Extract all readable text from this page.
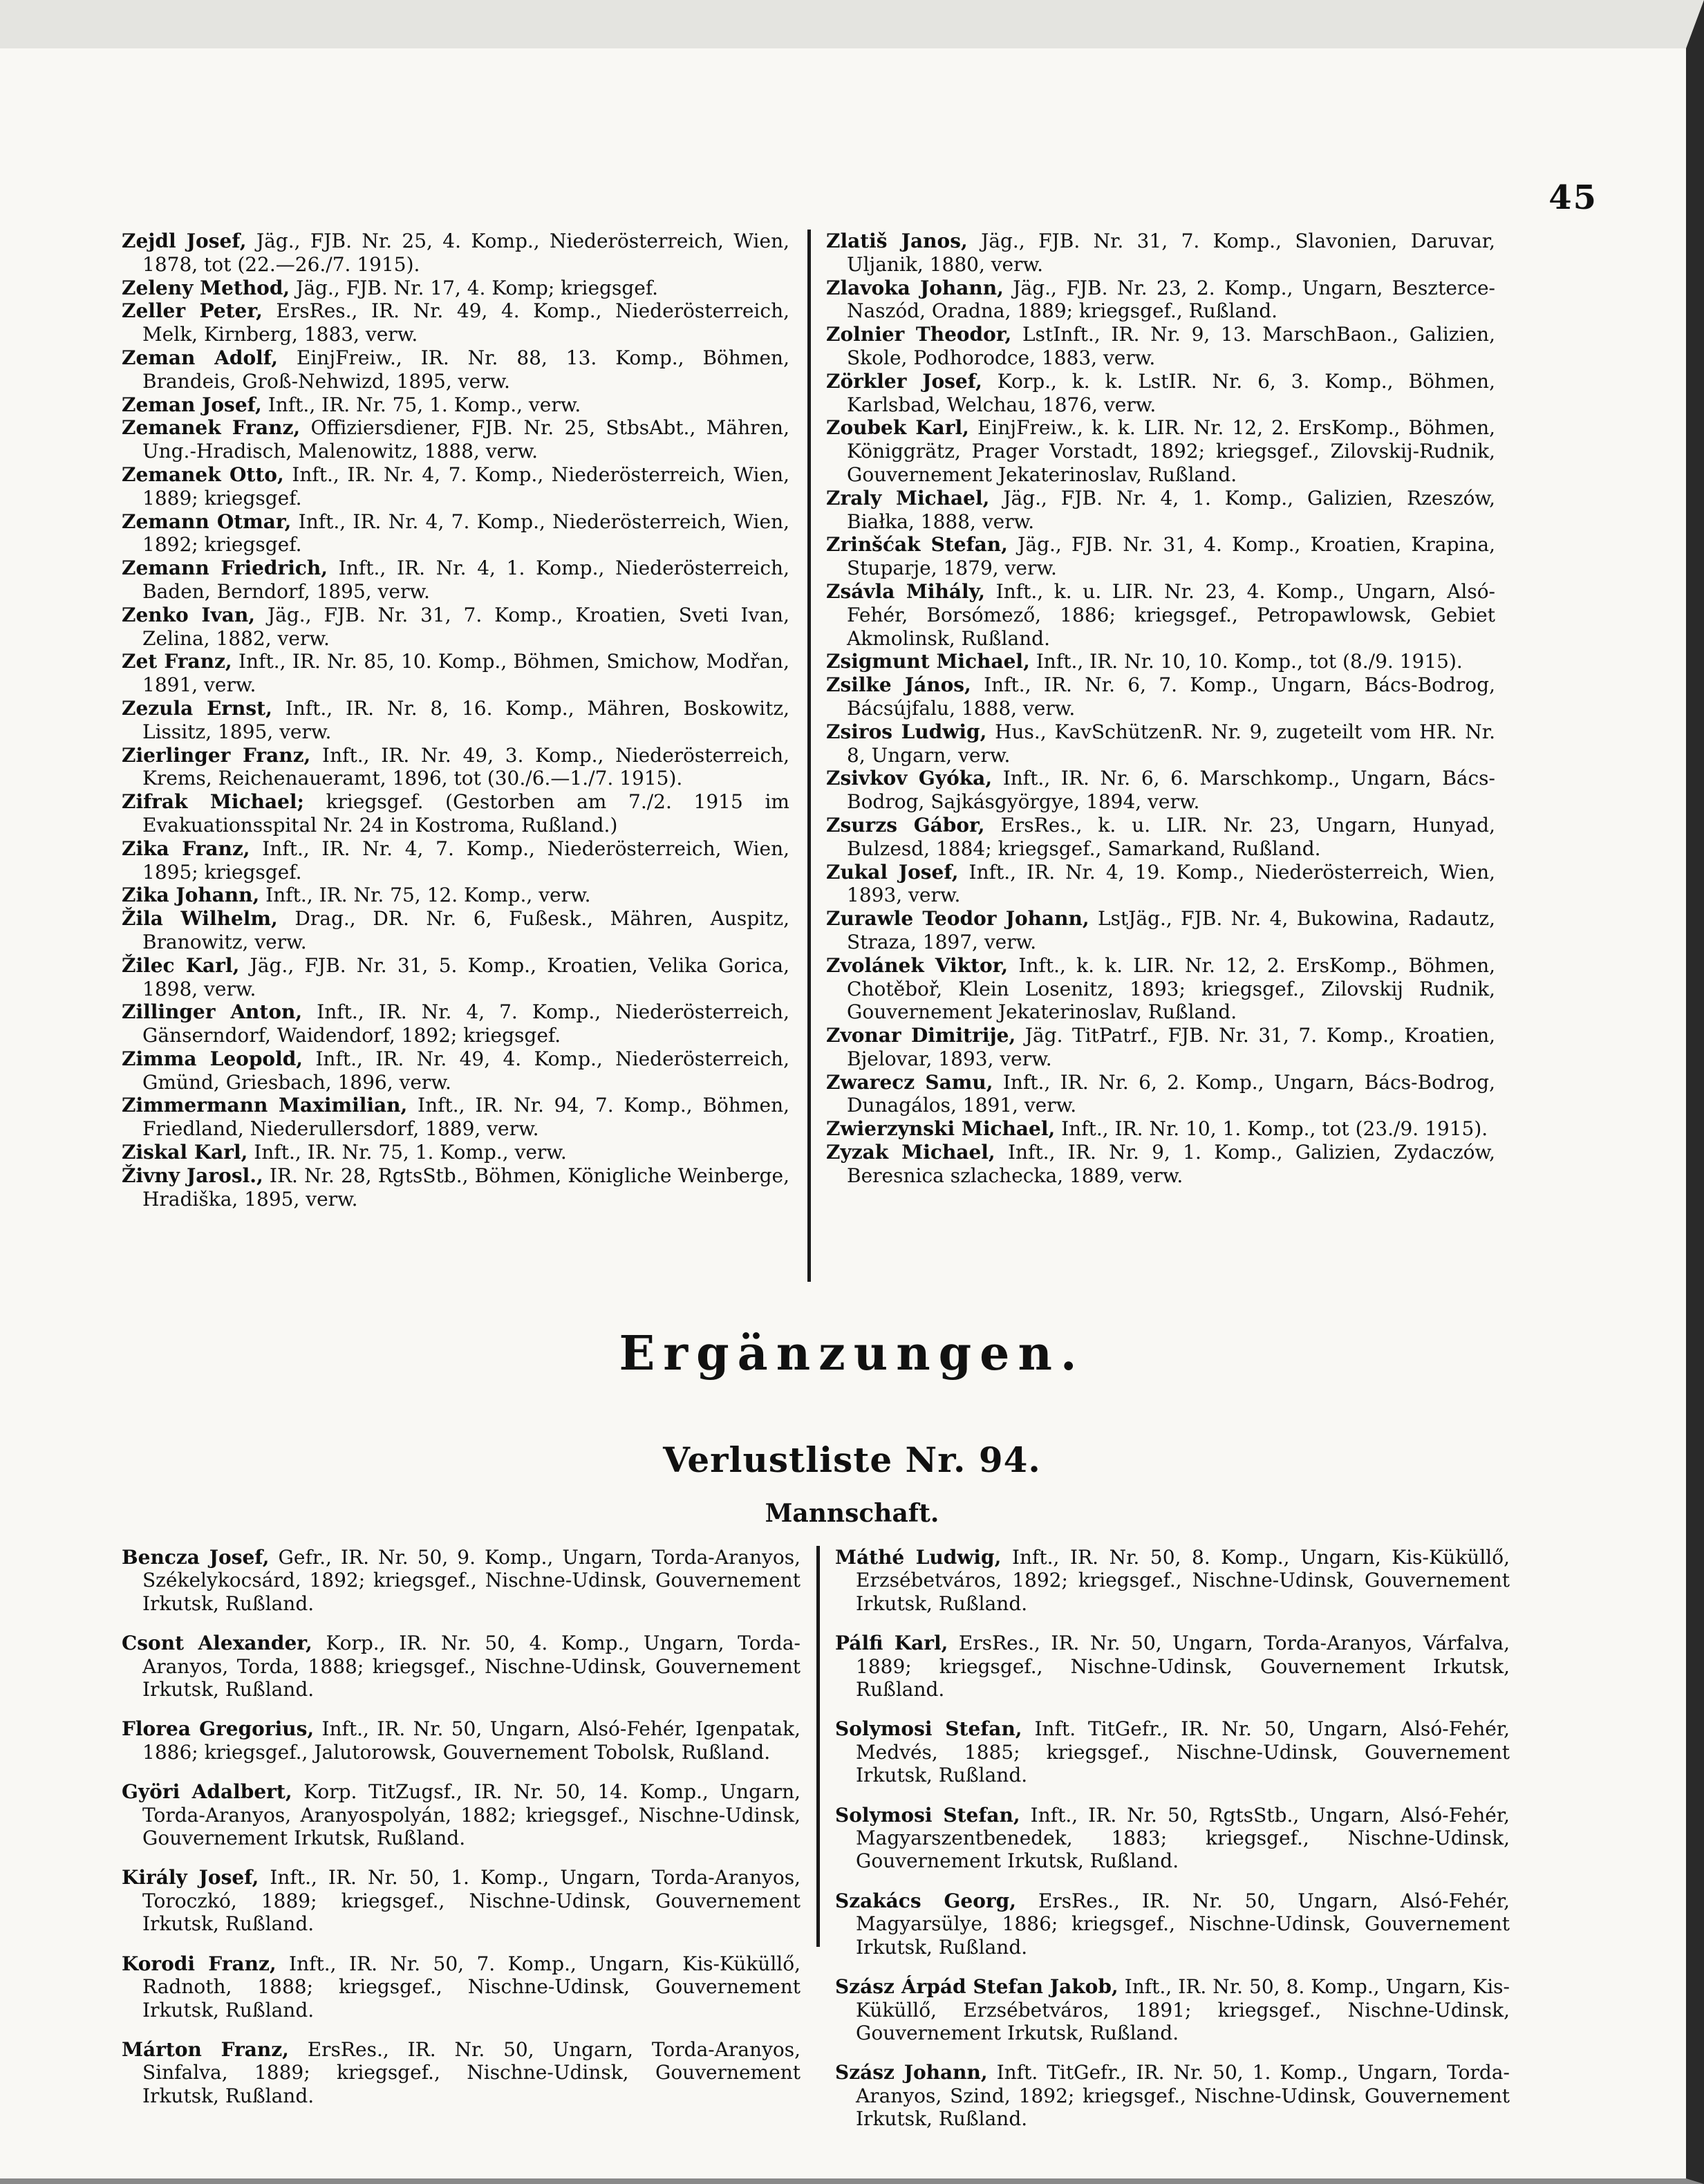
45

Zejdl Josef, Jäg., FJB. Nr. 25, 4. Komp., Niederösterreich, Wien, 1878, tot (22.—26./7. 1915).

Zeleny Method, Jäg., FJB. Nr. 17, 4. Komp; kriegsgef.

Zeller Peter, ErsRes., IR. Nr. 49, 4. Komp., Niederösterreich, Melk, Kirnberg, 1883, verw.

Zeman Adolf, EinjFreiw., IR. Nr. 88, 13. Komp., Böhmen, Brandeis, Groß-Nehwizd, 1895, verw.

Zeman Josef, Inft., IR. Nr. 75, 1. Komp., verw.

Zemanek Franz, Offiziersdiener, FJB. Nr. 25, StbsAbt., Mähren, Ung.-Hradisch, Malenowitz, 1888, verw.

Zemanek Otto, Inft., IR. Nr. 4, 7. Komp., Niederösterreich, Wien, 1889; kriegsgef.

Zemann Otmar, Inft., IR. Nr. 4, 7. Komp., Niederösterreich, Wien, 1892; kriegsgef.

Zemann Friedrich, Inft., IR. Nr. 4, 1. Komp., Niederösterreich, Baden, Berndorf, 1895, verw.

Zenko Ivan, Jäg., FJB. Nr. 31, 7. Komp., Kroatien, Sveti Ivan, Zelina, 1882, verw.

Zet Franz, Inft., IR. Nr. 85, 10. Komp., Böhmen, Smichow, Modřan, 1891, verw.

Zezula Ernst, Inft., IR. Nr. 8, 16. Komp., Mähren, Boskowitz, Lissitz, 1895, verw.

Zierlinger Franz, Inft., IR. Nr. 49, 3. Komp., Niederösterreich, Krems, Reichenaueramt, 1896, tot (30./6.—1./7. 1915).

Zifrak Michael; kriegsgef. (Gestorben am 7./2. 1915 im Evakuationsspital Nr. 24 in Kostroma, Rußland.)

Zika Franz, Inft., IR. Nr. 4, 7. Komp., Niederösterreich, Wien, 1895; kriegsgef.

Zika Johann, Inft., IR. Nr. 75, 12. Komp., verw.

Žila Wilhelm, Drag., DR. Nr. 6, Fußesk., Mähren, Auspitz, Branowitz, verw.

Žilec Karl, Jäg., FJB. Nr. 31, 5. Komp., Kroatien, Velika Gorica, 1898, verw.

Zillinger Anton, Inft., IR. Nr. 4, 7. Komp., Niederösterreich, Gänserndorf, Waidendorf, 1892; kriegsgef.

Zimma Leopold, Inft., IR. Nr. 49, 4. Komp., Niederösterreich, Gmünd, Griesbach, 1896, verw.

Zimmermann Maximilian, Inft., IR. Nr. 94, 7. Komp., Böhmen, Friedland, Niederullersdorf, 1889, verw.

Ziskal Karl, Inft., IR. Nr. 75, 1. Komp., verw.

Živny Jarosl., IR. Nr. 28, RgtsStb., Böhmen, Königliche Weinberge, Hradiška, 1895, verw.

Zlatiš Janos, Jäg., FJB. Nr. 31, 7. Komp., Slavonien, Daruvar, Uljanik, 1880, verw.

Zlavoka Johann, Jäg., FJB. Nr. 23, 2. Komp., Ungarn, Beszterce-Naszód, Oradna, 1889; kriegsgef., Rußland.

Zolnier Theodor, LstInft., IR. Nr. 9, 13. MarschBaon., Galizien, Skole, Podhorodce, 1883, verw.

Zörkler Josef, Korp., k. k. LstIR. Nr. 6, 3. Komp., Böhmen, Karlsbad, Welchau, 1876, verw.

Zoubek Karl, EinjFreiw., k. k. LIR. Nr. 12, 2. ErsKomp., Böhmen, Königgrätz, Prager Vorstadt, 1892; kriegsgef., Zilovskij-Rudnik, Gouvernement Jekaterinoslav, Rußland.

Zraly Michael, Jäg., FJB. Nr. 4, 1. Komp., Galizien, Rzeszów, Białka, 1888, verw.

Zrinšćak Stefan, Jäg., FJB. Nr. 31, 4. Komp., Kroatien, Krapina, Stuparje, 1879, verw.

Zsávla Mihály, Inft., k. u. LIR. Nr. 23, 4. Komp., Ungarn, Alsó-Fehér, Borsómező, 1886; kriegsgef., Petropawlowsk, Gebiet Akmolinsk, Rußland.

Zsigmunt Michael, Inft., IR. Nr. 10, 10. Komp., tot (8./9. 1915).

Zsilke János, Inft., IR. Nr. 6, 7. Komp., Ungarn, Bács-Bodrog, Bácsújfalu, 1888, verw.

Zsiros Ludwig, Hus., KavSchützenR. Nr. 9, zugeteilt vom HR. Nr. 8, Ungarn, verw.

Zsivkov Gyóka, Inft., IR. Nr. 6, 6. Marschkomp., Ungarn, Bács-Bodrog, Sajkásgyörgye, 1894, verw.

Zsurzs Gábor, ErsRes., k. u. LIR. Nr. 23, Ungarn, Hunyad, Bulzesd, 1884; kriegsgef., Samarkand, Rußland.

Zukal Josef, Inft., IR. Nr. 4, 19. Komp., Niederösterreich, Wien, 1893, verw.

Zurawle Teodor Johann, LstJäg., FJB. Nr. 4, Bukowina, Radautz, Straza, 1897, verw.

Zvolánek Viktor, Inft., k. k. LIR. Nr. 12, 2. ErsKomp., Böhmen, Chotěboř, Klein Losenitz, 1893; kriegsgef., Zilovskij Rudnik, Gouvernement Jekaterinoslav, Rußland.

Zvonar Dimitrije, Jäg. TitPatrf., FJB. Nr. 31, 7. Komp., Kroatien, Bjelovar, 1893, verw.

Zwarecz Samu, Inft., IR. Nr. 6, 2. Komp., Ungarn, Bács-Bodrog, Dunagálos, 1891, verw.

Zwierzynski Michael, Inft., IR. Nr. 10, 1. Komp., tot (23./9. 1915).

Zyzak Michael, Inft., IR. Nr. 9, 1. Komp., Galizien, Zydaczów, Beresnica szlachecka, 1889, verw.

Ergänzungen.
Verlustliste Nr. 94.
Mannschaft.

Bencza Josef, Gefr., IR. Nr. 50, 9. Komp., Ungarn, Torda-Aranyos, Székelykocsárd, 1892; kriegsgef., Nischne-Udinsk, Gouvernement Irkutsk, Rußland.

Csont Alexander, Korp., IR. Nr. 50, 4. Komp., Ungarn, Torda-Aranyos, Torda, 1888; kriegsgef., Nischne-Udinsk, Gouvernement Irkutsk, Rußland.

Florea Gregorius, Inft., IR. Nr. 50, Ungarn, Alsó-Fehér, Igenpatak, 1886; kriegsgef., Jalutorowsk, Gouvernement Tobolsk, Rußland.

Györi Adalbert, Korp. TitZugsf., IR. Nr. 50, 14. Komp., Ungarn, Torda-Aranyos, Aranyospolyán, 1882; kriegsgef., Nischne-Udinsk, Gouvernement Irkutsk, Rußland.

Király Josef, Inft., IR. Nr. 50, 1. Komp., Ungarn, Torda-Aranyos, Toroczkó, 1889; kriegsgef., Nischne-Udinsk, Gouvernement Irkutsk, Rußland.

Korodi Franz, Inft., IR. Nr. 50, 7. Komp., Ungarn, Kis-Küküllő, Radnoth, 1888; kriegsgef., Nischne-Udinsk, Gouvernement Irkutsk, Rußland.

Márton Franz, ErsRes., IR. Nr. 50, Ungarn, Torda-Aranyos, Sinfalva, 1889; kriegsgef., Nischne-Udinsk, Gouvernement Irkutsk, Rußland.

Máthé Ludwig, Inft., IR. Nr. 50, 8. Komp., Ungarn, Kis-Küküllő, Erzsébetváros, 1892; kriegsgef., Nischne-Udinsk, Gouvernement Irkutsk, Rußland.

Pálfi Karl, ErsRes., IR. Nr. 50, Ungarn, Torda-Aranyos, Várfalva, 1889; kriegsgef., Nischne-Udinsk, Gouvernement Irkutsk, Rußland.

Solymosi Stefan, Inft. TitGefr., IR. Nr. 50, Ungarn, Alsó-Fehér, Medvés, 1885; kriegsgef., Nischne-Udinsk, Gouvernement Irkutsk, Rußland.

Solymosi Stefan, Inft., IR. Nr. 50, RgtsStb., Ungarn, Alsó-Fehér, Magyarszentbenedek, 1883; kriegsgef., Nischne-Udinsk, Gouvernement Irkutsk, Rußland.

Szakács Georg, ErsRes., IR. Nr. 50, Ungarn, Alsó-Fehér, Magyarsülye, 1886; kriegsgef., Nischne-Udinsk, Gouvernement Irkutsk, Rußland.

Szász Árpád Stefan Jakob, Inft., IR. Nr. 50, 8. Komp., Ungarn, Kis-Küküllő, Erzsébetváros, 1891; kriegsgef., Nischne-Udinsk, Gouvernement Irkutsk, Rußland.

Szász Johann, Inft. TitGefr., IR. Nr. 50, 1. Komp., Ungarn, Torda-Aranyos, Szind, 1892; kriegsgef., Nischne-Udinsk, Gouvernement Irkutsk, Rußland.
